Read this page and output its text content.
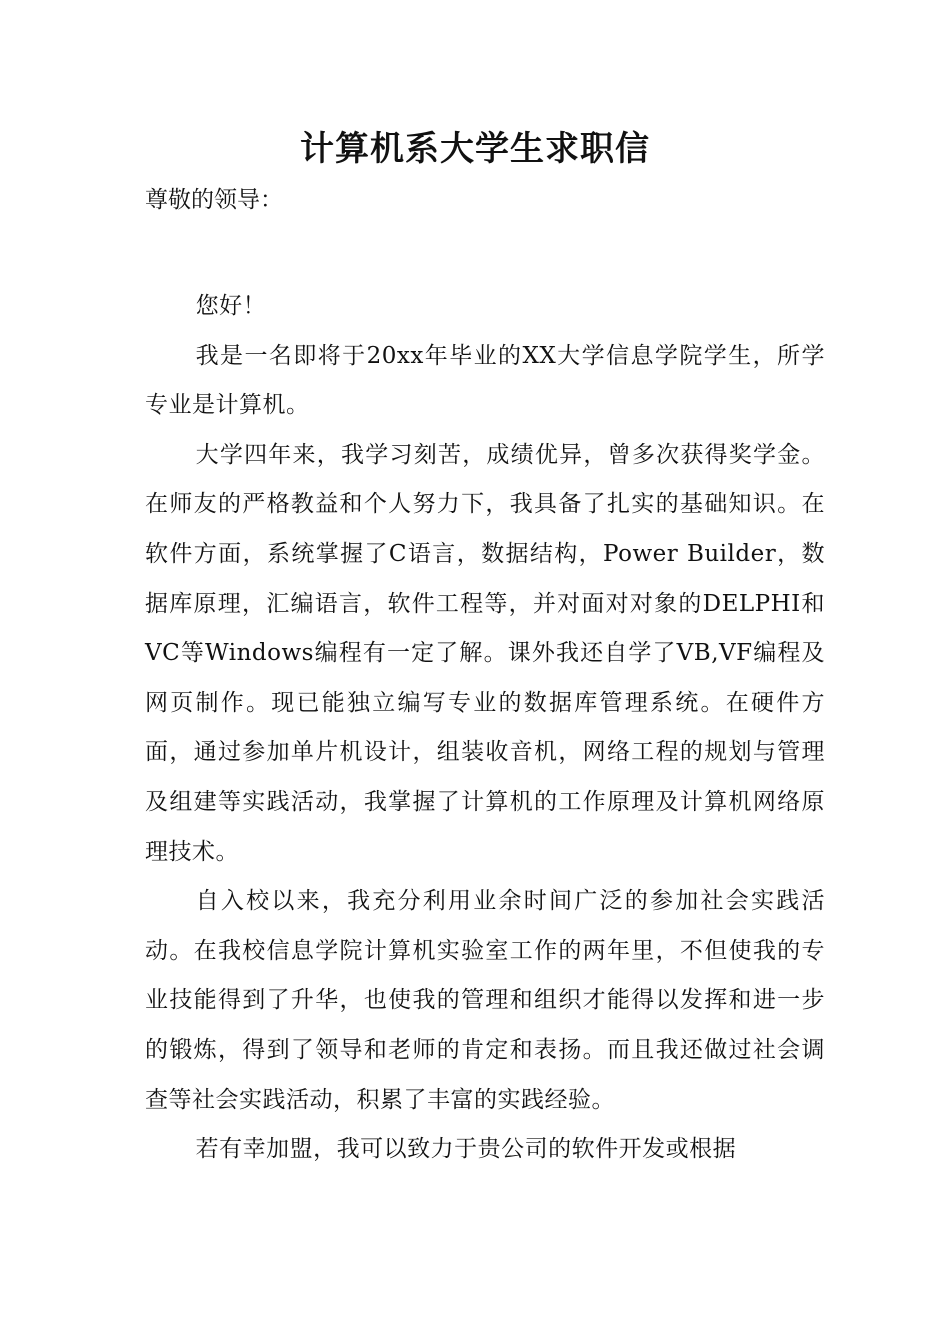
计算机系大学生求职信
尊敬的领导：

您好！

我是一名即将于20xx年毕业的XX大学信息学院学生，所学专业是计算机。

大学四年来，我学习刻苦，成绩优异，曾多次获得奖学金。在师友的严格教益和个人努力下，我具备了扎实的基础知识。在软件方面，系统掌握了C语言，数据结构，Power Builder，数据库原理，汇编语言，软件工程等，并对面对对象的DELPHI和VC等Windows编程有一定了解。课外我还自学了VB,VF编程及网页制作。现已能独立编写专业的数据库管理系统。在硬件方面，通过参加单片机设计，组装收音机，网络工程的规划与管理及组建等实践活动，我掌握了计算机的工作原理及计算机网络原理技术。

自入校以来，我充分利用业余时间广泛的参加社会实践活动。在我校信息学院计算机实验室工作的两年里，不但使我的专业技能得到了升华，也使我的管理和组织才能得以发挥和进一步的锻炼，得到了领导和老师的肯定和表扬。而且我还做过社会调查等社会实践活动，积累了丰富的实践经验。

若有幸加盟，我可以致力于贵公司的软件开发或根据
